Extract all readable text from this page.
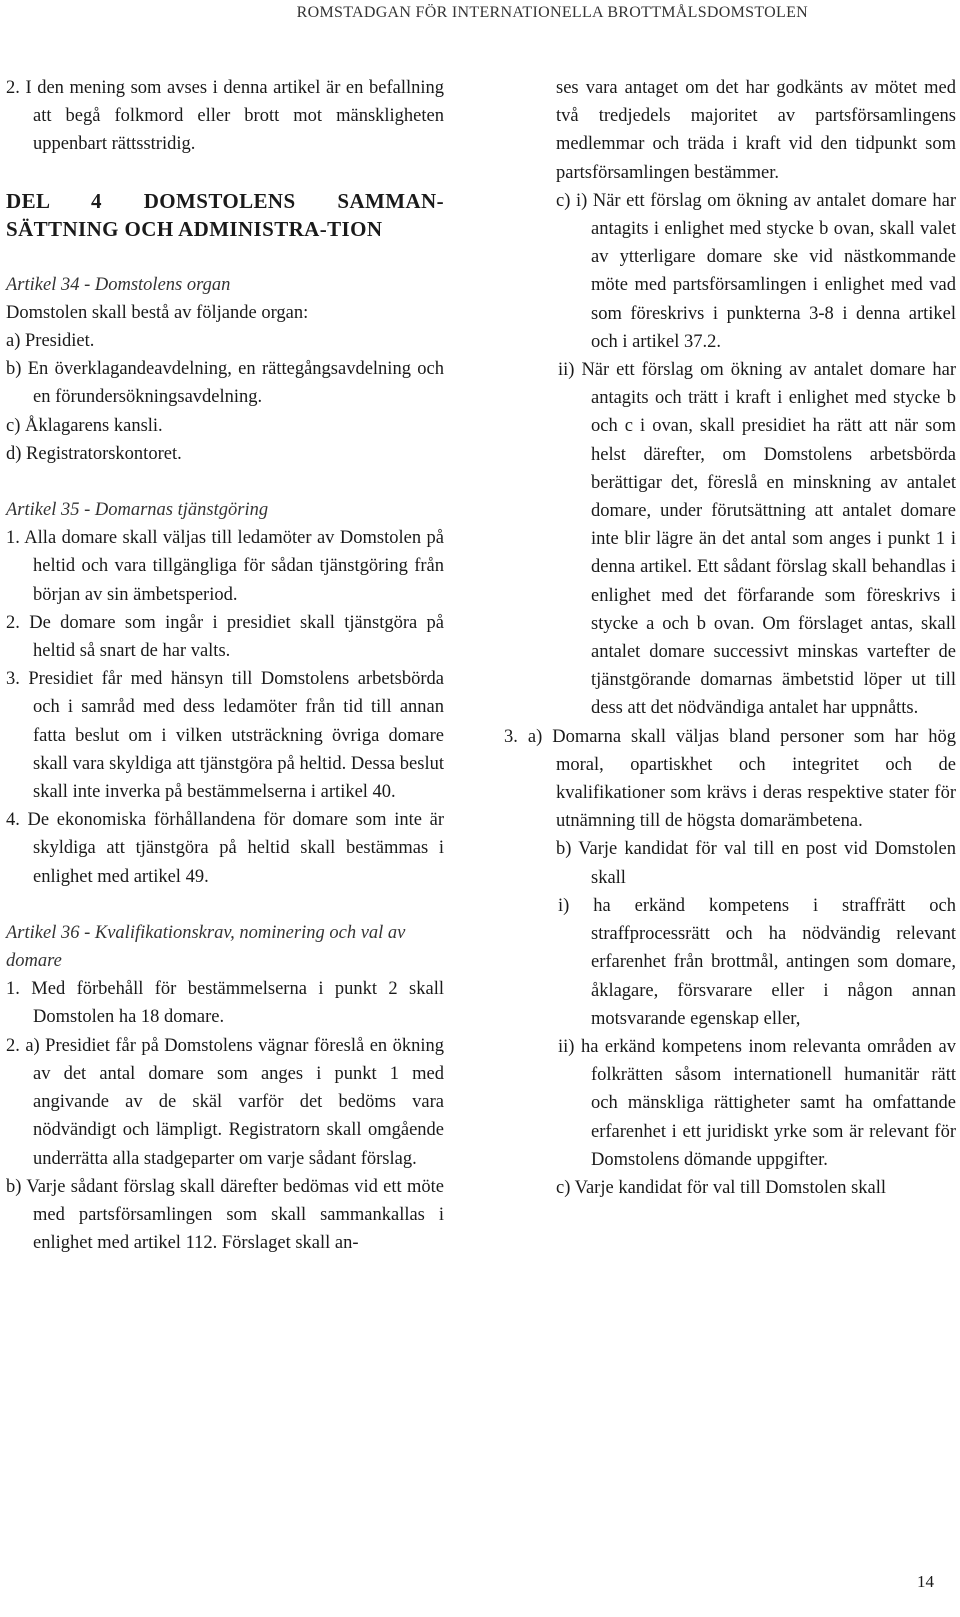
ROMSTADGAN FÖR INTERNATIONELLA BROTTMÅLSDOMSTOLEN

2. I den mening som avses i denna artikel är en befallning att begå folkmord eller brott mot mänskligheten uppenbart rättsstridig.

DEL 4 DOMSTOLENS SAMMAN-SÄTTNING OCH ADMINISTRA-TION

Artikel 34 - Domstolens organ

Domstolen skall bestå av följande organ:

a) Presidiet.

b) En överklagandeavdelning, en rättegångsavdelning och en förundersökningsavdelning.

c) Åklagarens kansli.

d) Registratorskontoret.

Artikel 35 - Domarnas tjänstgöring

1. Alla domare skall väljas till ledamöter av Domstolen på heltid och vara tillgängliga för sådan tjänstgöring från början av sin ämbetsperiod.

2. De domare som ingår i presidiet skall tjänstgöra på heltid så snart de har valts.

3. Presidiet får med hänsyn till Domstolens arbetsbörda och i samråd med dess ledamöter från tid till annan fatta beslut om i vilken utsträckning övriga domare skall vara skyldiga att tjänstgöra på heltid. Dessa beslut skall inte inverka på bestämmelserna i artikel 40.

4. De ekonomiska förhållandena för domare som inte är skyldiga att tjänstgöra på heltid skall bestämmas i enlighet med artikel 49.

Artikel 36 - Kvalifikationskrav, nominering och val av domare

1. Med förbehåll för bestämmelserna i punkt 2 skall Domstolen ha 18 domare.

2. a) Presidiet får på Domstolens vägnar föreslå en ökning av det antal domare som anges i punkt 1 med angivande av de skäl varför det bedöms vara nödvändigt och lämpligt. Registratorn skall omgående underrätta alla stadgeparter om varje sådant förslag.

b) Varje sådant förslag skall därefter bedömas vid ett möte med partsförsamlingen som skall sammankallas i enlighet med artikel 112. Förslaget skall an-

ses vara antaget om det har godkänts av mötet med två tredjedels majoritet av partsförsamlingens medlemmar och träda i kraft vid den tidpunkt som partsförsamlingen bestämmer.

c) i) När ett förslag om ökning av antalet domare har antagits i enlighet med stycke b ovan, skall valet av ytterligare domare ske vid nästkommande möte med partsförsamlingen i enlighet med vad som föreskrivs i punkterna 3-8 i denna artikel och i artikel 37.2.

ii) När ett förslag om ökning av antalet domare har antagits och trätt i kraft i enlighet med stycke b och c i ovan, skall presidiet ha rätt att när som helst därefter, om Domstolens arbetsbörda berättigar det, föreslå en minskning av antalet domare, under förutsättning att antalet domare inte blir lägre än det antal som anges i punkt 1 i denna artikel. Ett sådant förslag skall behandlas i enlighet med det förfarande som föreskrivs i stycke a och b ovan. Om förslaget antas, skall antalet domare successivt minskas vartefter de tjänstgörande domarnas ämbetstid löper ut till dess att det nödvändiga antalet har uppnåtts.

3. a) Domarna skall väljas bland personer som har hög moral, opartiskhet och integritet och de kvalifikationer som krävs i deras respektive stater för utnämning till de högsta domarämbetena.

b) Varje kandidat för val till en post vid Domstolen skall

i) ha erkänd kompetens i straffrätt och straffprocessrätt och ha nödvändig relevant erfarenhet från brottmål, antingen som domare, åklagare, försvarare eller i någon annan motsvarande egenskap eller,

ii) ha erkänd kompetens inom relevanta områden av folkrätten såsom internationell humanitär rätt och mänskliga rättigheter samt ha omfattande erfarenhet i ett juridiskt yrke som är relevant för Domstolens dömande uppgifter.

c) Varje kandidat för val till Domstolen skall

14
